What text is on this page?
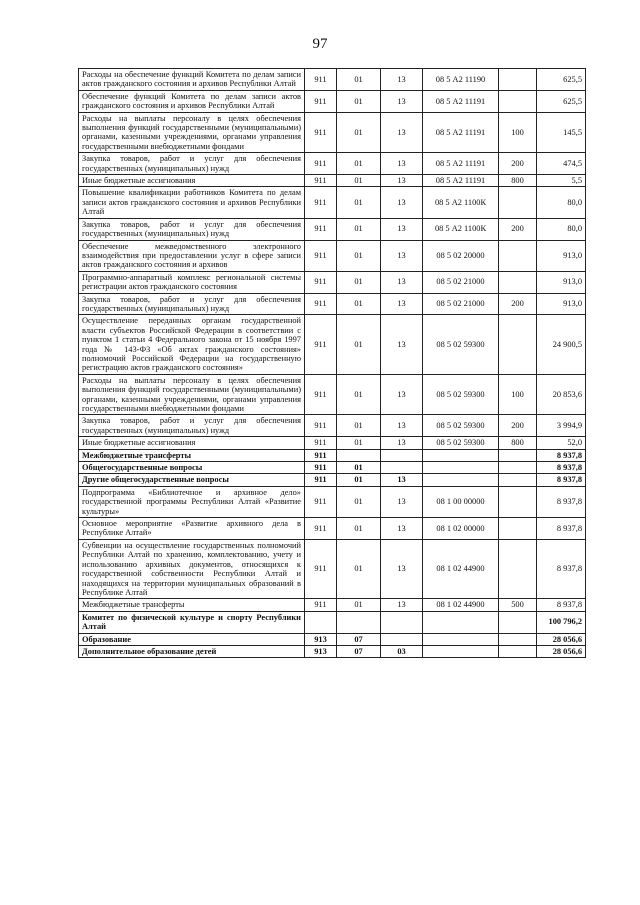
97
Расходы на обеспечение функций Комитета по делам записи актов гражданского состояния и архивов Республики Алтай	911	01	13	08 5 А2 11190		625,5
Обеспечение функций Комитета по делам записи актов гражданского состояния и архивов Республики Алтай	911	01	13	08 5 А2 11191		625,5
Расходы на выплаты персоналу в целях обеспечения выполнения функций государственными (муниципальными) органами, казенными учреждениями, органами управления государственными внебюджетными фондами	911	01	13	08 5 А2 11191	100	145,5
Закупка товаров, работ и услуг для обеспечения государственных (муниципальных) нужд	911	01	13	08 5 А2 11191	200	474,5
Иные бюджетные ассигнования	911	01	13	08 5 А2 11191	800	5,5
Повышение квалификации работников Комитета по делам записи актов гражданского состояния и архивов Республики Алтай	911	01	13	08 5 А2 1100К		80,0
Закупка товаров, работ и услуг для обеспечения государственных (муниципальных) нужд	911	01	13	08 5 А2 1100К	200	80,0
Обеспечение межведомственного электронного взаимодействия при предоставлении услуг в сфере записи актов гражданского состояния и архивов	911	01	13	08 5 02 20000		913,0
Программно-аппаратный комплекс региональной системы регистрации актов гражданского состояния	911	01	13	08 5 02 21000		913,0
Закупка товаров, работ и услуг для обеспечения государственных (муниципальных) нужд	911	01	13	08 5 02 21000	200	913,0
Осуществление переданных органам государственной власти субъектов Российской Федерации в соответствии с пунктом 1 статьи 4 Федерального закона от 15 ноября 1997 года № 143-ФЗ «Об актах гражданского состояния» полномочий Российской Федерации на государственную регистрацию актов гражданского состояния»	911	01	13	08 5 02 59300		24 900,5
Расходы на выплаты персоналу в целях обеспечения выполнения функций государственными (муниципальными) органами, казенными учреждениями, органами управления государственными внебюджетными фондами	911	01	13	08 5 02 59300	100	20 853,6
Закупка товаров, работ и услуг для обеспечения государственных (муниципальных) нужд	911	01	13	08 5 02 59300	200	3 994,9
Иные бюджетные ассигнования	911	01	13	08 5 02 59300	800	52,0
Межбюджетные трансферты	911					8 937,8
Общегосударственные вопросы	911	01				8 937,8
Другие общегосударственные вопросы	911	01	13			8 937,8
Подпрограмма «Библиотечное и архивное дело» государственной программы Республики Алтай «Развитие культуры»	911	01	13	08 1 00 00000		8 937,8
Основное мероприятие «Развитие архивного дела в Республике Алтай»	911	01	13	08 1 02 00000		8 937,8
Субвенции на осуществление государственных полномочий Республики Алтай по хранению, комплектованию, учету и использованию архивных документов, относящихся к государственной собственности Республики Алтай и находящихся на территории муниципальных образований в Республике Алтай	911	01	13	08 1 02 44900		8 937,8
Межбюджетные трансферты	911	01	13	08 1 02 44900	500	8 937,8
Комитет по физической культуре и спорту Республики Алтай						100 796,2
Образование	913	07				28 056,6
Дополнительное образование детей	913	07	03			28 056,6
